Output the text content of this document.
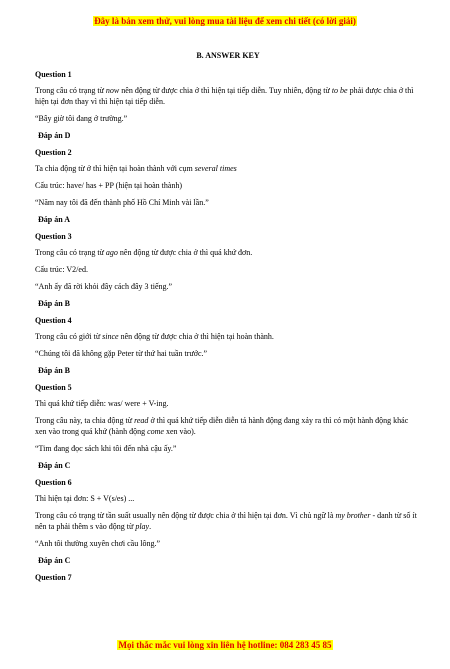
Đây là bản xem thử, vui lòng mua tài liệu để xem chi tiết (có lời giải)
B. ANSWER KEY
Question 1
Trong câu có trạng từ now nên động từ được chia ở thì hiện tại tiếp diễn. Tuy nhiên, động từ to be phải được chia ở thì hiện tại đơn thay vì thì hiện tại tiếp diễn.
“Bây giờ tôi đang ở trường.”
Đáp án D
Question 2
Ta chia động từ ở thì hiện tại hoàn thành với cụm several times
Cấu trúc: have/ has + PP (hiện tại hoàn thành)
“Năm nay tôi đã đến thành phố Hồ Chí Minh vài lần.”
Đáp án A
Question 3
Trong câu có trạng từ ago nên động từ được chia ở thì quá khứ đơn.
Cấu trúc: V2/ed.
“Anh ấy đã rời khỏi đây cách đây 3 tiếng.”
Đáp án B
Question 4
Trong câu có giới từ since nên động từ được chia ở thì hiện tại hoàn thành.
“Chúng tôi đã không gặp Peter từ thứ hai tuần trước.”
Đáp án B
Question 5
Thì quá khứ tiếp diễn: was/ were + V-ing.
Trong câu này, ta chia động từ read ở thì quá khứ tiếp diễn diễn tả hành động đang xảy ra thì có một hành động khác xen vào trong quá khứ (hành động come xen vào).
“Tim đang đọc sách khi tôi đến nhà cậu ấy.”
Đáp án C
Question 6
Thì hiện tại đơn: S + V(s/es) ...
Trong câu có trạng từ tần suất usually nên động từ được chia ở thì hiện tại đơn. Vì chủ ngữ là my brother - danh từ số ít nên ta phải thêm s vào động từ play.
“Anh tôi thường xuyên chơi cầu lông.”
Đáp án C
Question 7
Mọi thắc mắc vui lòng xin liên hệ hotline: 084 283 45 85
